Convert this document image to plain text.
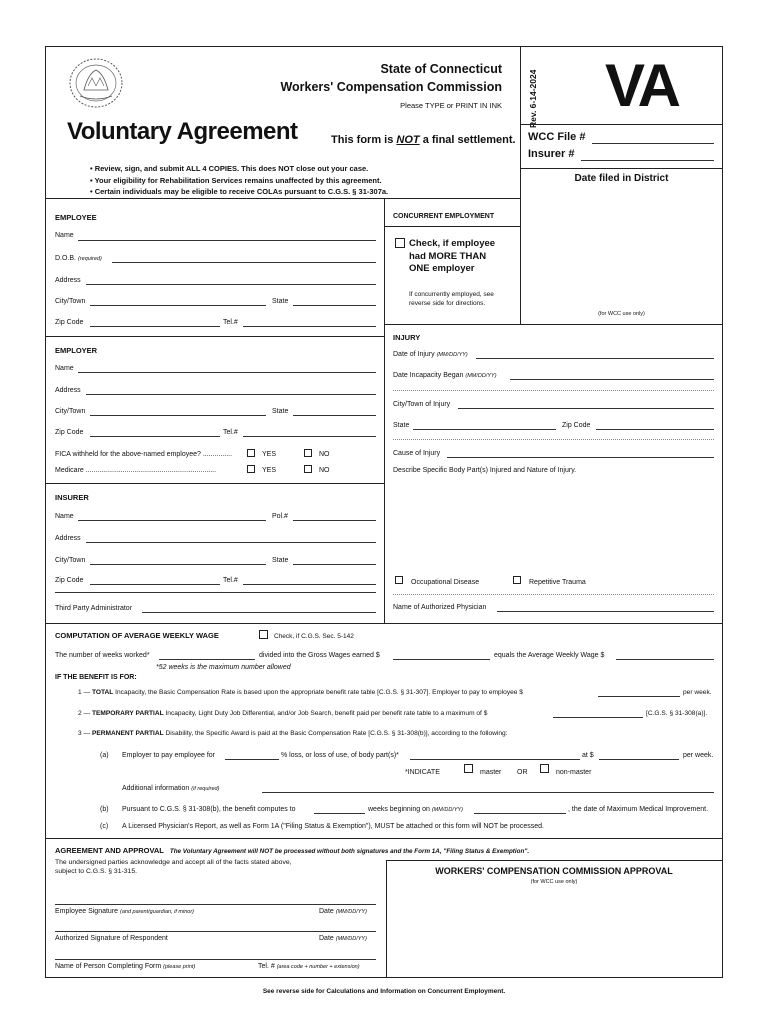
State of Connecticut
Workers' Compensation Commission
Please TYPE or PRINT IN INK	Rev. 6-14-2024 VA
Voluntary Agreement	This form is NOT a final settlement. WCC File #
Insurer #
Date filed in District
• Review, sign, and submit ALL 4 COPIES. This does NOT close out your case.
• Your eligibility for Rehabilitation Services remains unaffected by this agreement.
• Certain individuals may be eligible to receive COLAs pursuant to C.G.S. § 31-307a.
EMPLOYEE
Name
D.O.B. (required)
Address
City/Town	State
Zip Code	Tel.#
CONCURRENT EMPLOYMENT
Check, if employee
had MORE THAN
ONE employer
If concurrently employed, see
reverse side for directions.
(for WCC use only)
EMPLOYER
Name
Address
City/Town	State
Zip Code	Tel.#
FICA withheld for the above-named employee? ...............	YES	NO
Medicare ...................................................................	YES	NO
INSURER
Name	Pol.#
Address
City/Town	State
Zip Code	Tel.#
Third Party Administrator
INJURY
Date of Injury (MM/DD/YY)
Date Incapacity Began (MM/DD/YY)
City/Town of Injury
State	Zip Code
Cause of Injury
Describe Specific Body Part(s) Injured and Nature of Injury.
Occupational Disease	Repetitive Trauma
Name of Authorized Physician
COMPUTATION OF AVERAGE WEEKLY WAGE	Check, if C.G.S. Sec. 5-142
The number of weeks worked*	divided into the Gross Wages earned $	equals the Average Weekly Wage $
*52 weeks is the maximum number allowed
IF THE BENEFIT IS FOR:
1 — TOTAL Incapacity, the Basic Compensation Rate is based upon the appropriate benefit rate table [C.G.S. § 31-307]. Employer to pay to employee $	per week.
2 — TEMPORARY PARTIAL Incapacity, Light Duty Job Differential, and/or Job Search, benefit paid per benefit rate table to a maximum of $	[C.G.S. § 31-308(a)].
3 — PERMANENT PARTIAL Disability, the Specific Award is paid at the Basic Compensation Rate [C.G.S. § 31-308(b)], according to the following:
(a) Employer to pay employee for	% loss, or loss of use, of body part(s)*	at $	per week.
*INDICATE	master OR	non-master
Additional information (if required)
(b) Pursuant to C.G.S. § 31-308(b), the benefit computes to	weeks beginning on (MM/DD/YY)	, the date of Maximum Medical Improvement.
(c) A Licensed Physician's Report, as well as Form 1A ("Filing Status & Exemption"), MUST be attached or this form will NOT be processed.
AGREEMENT AND APPROVAL The Voluntary Agreement will NOT be processed without both signatures and the Form 1A, "Filing Status & Exemption".
The undersigned parties acknowledge and accept all of the facts stated above,
subject to C.G.S. § 31-315.	WORKERS' COMPENSATION COMMISSION APPROVAL
(for WCC use only)
Employee Signature (and parent/guardian, if minor)	Date (MM/DD/YY)
Authorized Signature of Respondent	Date (MM/DD/YY)
Name of Person Completing Form (please print)	Tel. # (area code + number + extension)
See reverse side for Calculations and Information on Concurrent Employment.
